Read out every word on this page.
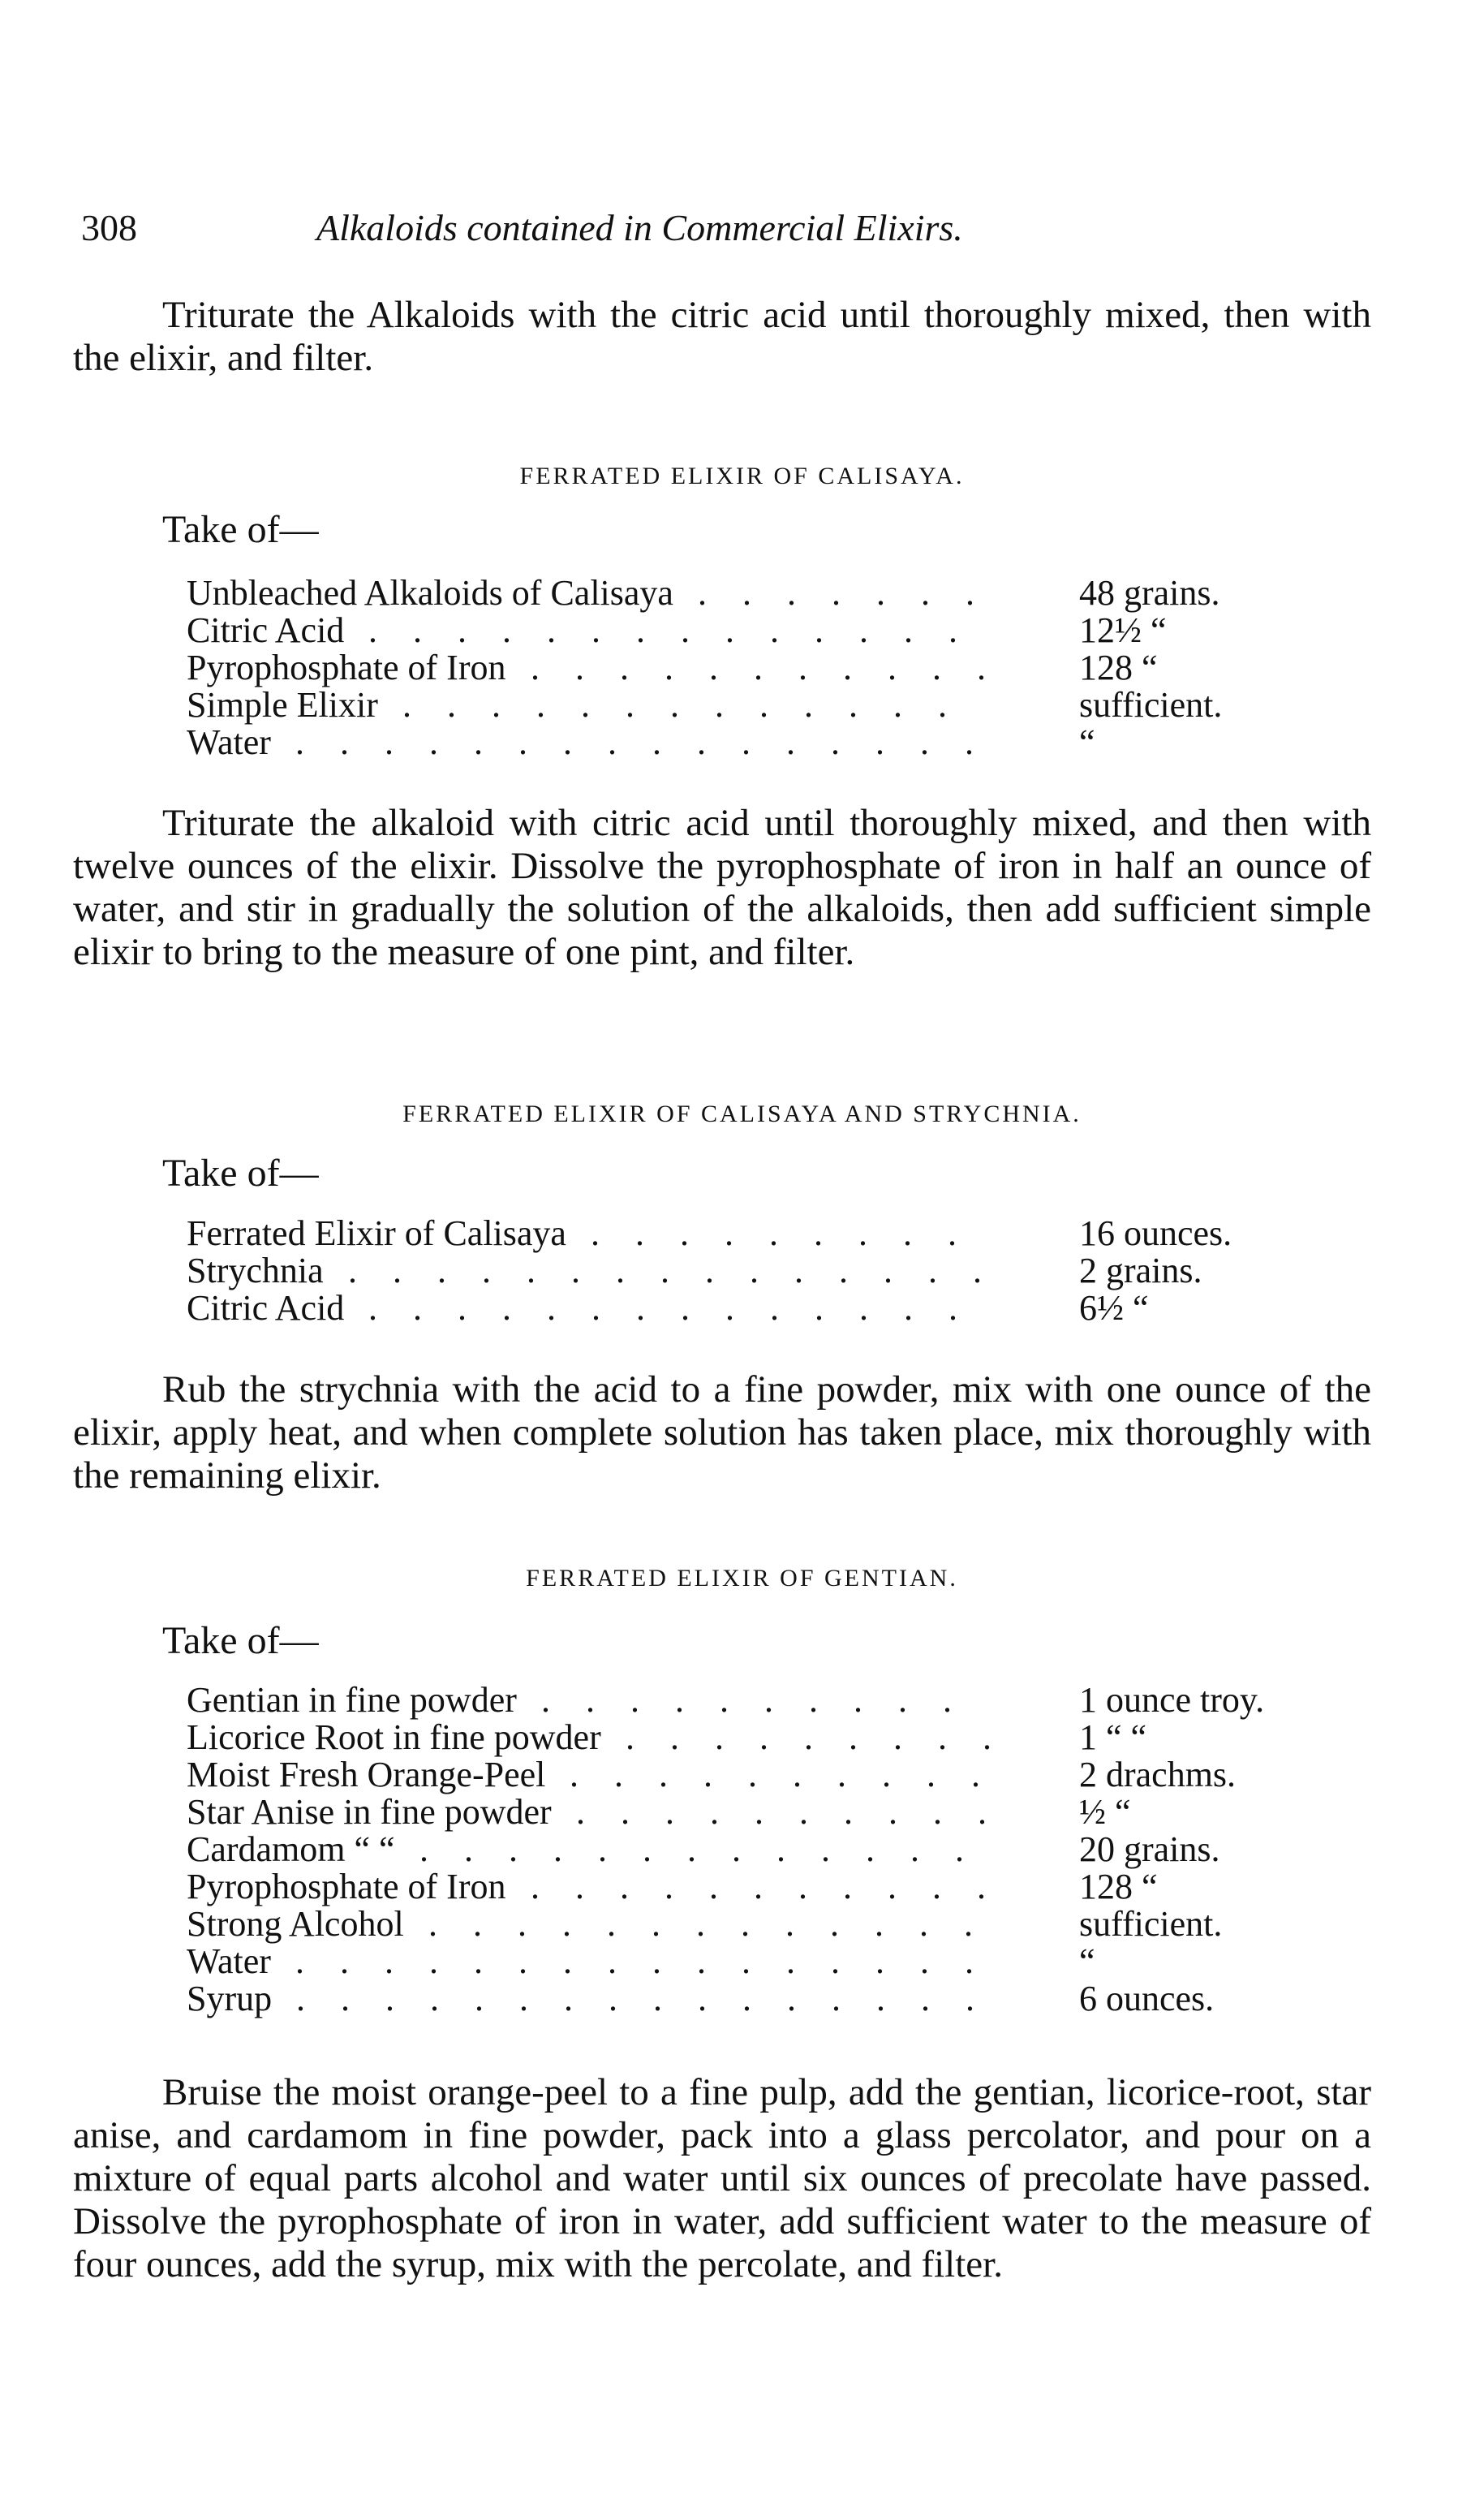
308	Alkaloids contained in Commercial Elixirs.

Triturate the Alkaloids with the citric acid until thoroughly mixed, then with the elixir, and filter.

FERRATED ELIXIR OF CALISAYA.
Take of—
.    .    .    .    .    .    .
Unbleached Alkaloids of Calisaya	48 grains.
.    .    .    .    .    .    .    .    .    .    .    .    .    .
Citric Acid	12½ “
.    .    .    .    .    .    .    .    .    .    .
Pyrophosphate of Iron	128 “
.    .    .    .    .    .    .    .    .    .    .    .    .
Simple Elixir	sufficient.
.    .    .    .    .    .    .    .    .    .    .    .    .    .    .    .
Water	“

Triturate the alkaloid with citric acid until thoroughly mixed, and then with twelve ounces of the elixir. Dissolve the pyrophosphate of iron in half an ounce of water, and stir in gradually the solution of the alkaloids, then add sufficient simple elixir to bring to the measure of one pint, and filter.

FERRATED ELIXIR OF CALISAYA AND STRYCHNIA.
Take of—
.    .    .    .    .    .    .    .    .
Ferrated Elixir of Calisaya	16 ounces.
.    .    .    .    .    .    .    .    .    .    .    .    .    .    .
Strychnia	2 grains.
.    .    .    .    .    .    .    .    .    .    .    .    .    .
Citric Acid	6½ “

Rub the strychnia with the acid to a fine powder, mix with one ounce of the elixir, apply heat, and when complete solution has taken place, mix thoroughly with the remaining elixir.

FERRATED ELIXIR OF GENTIAN.
Take of—
.    .    .    .    .    .    .    .    .    .
Gentian in fine powder	1 ounce troy.
.    .    .    .    .    .    .    .    .
Licorice Root in fine powder	1 “ “
.    .    .    .    .    .    .    .    .    .
Moist Fresh Orange-Peel	2 drachms.
.    .    .    .    .    .    .    .    .    .
Star Anise in fine powder	½ “
.    .    .    .    .    .    .    .    .    .    .    .    .
Cardamom “ “	20 grains.
.    .    .    .    .    .    .    .    .    .    .
Pyrophosphate of Iron	128 “
.    .    .    .    .    .    .    .    .    .    .    .    .
Strong Alcohol	sufficient.
.    .    .    .    .    .    .    .    .    .    .    .    .    .    .    .
Water	“
.    .    .    .    .    .    .    .    .    .    .    .    .    .    .    .
Syrup	6 ounces.

Bruise the moist orange-peel to a fine pulp, add the gentian, licorice-root, star anise, and cardamom in fine powder, pack into a glass percolator, and pour on a mixture of equal parts alcohol and water until six ounces of precolate have passed. Dissolve the pyrophosphate of iron in water, add sufficient water to the measure of four ounces, add the syrup, mix with the percolate, and filter.
